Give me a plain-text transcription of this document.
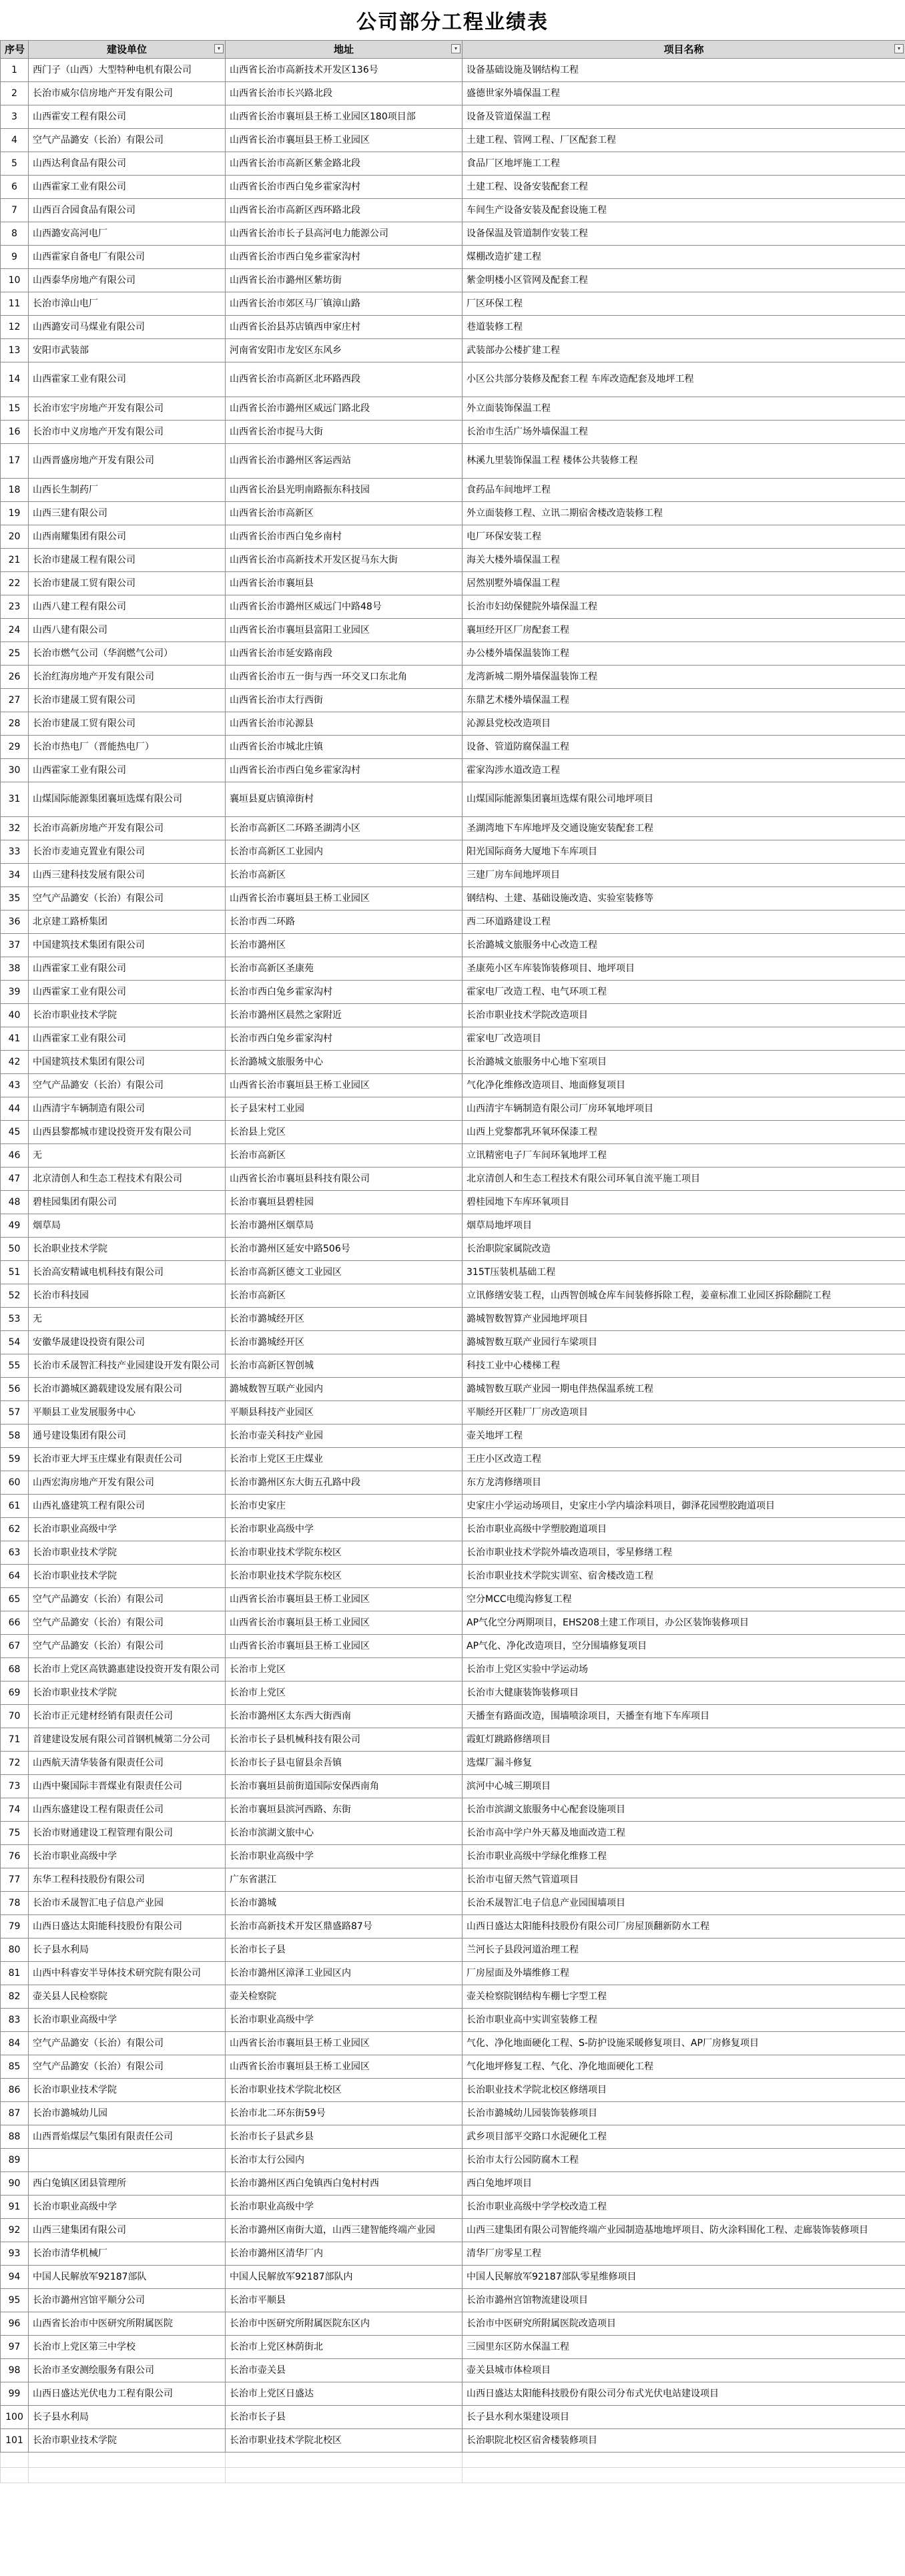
公司部分工程业绩表
序号	建设单位 ▾	地址 ▾	项目名称 ▾

1	西门子（山西）大型特种电机有限公司	山西省长治市高新技术开发区136号	设备基础设施及钢结构工程
2	长治市威尔信房地产开发有限公司	山西省长治市长兴路北段	盛德世家外墙保温工程
3	山西霍安工程有限公司	山西省长治市襄垣县王桥工业园区180项目部	设备及管道保温工程
4	空气产品潞安（长治）有限公司	山西省长治市襄垣县王桥工业园区	土建工程、管网工程、厂区配套工程
5	山西达利食品有限公司	山西省长治市高新区紫金路北段	食品厂区地坪施工工程
6	山西霍家工业有限公司	山西省长治市西白兔乡霍家沟村	土建工程、设备安装配套工程
7	山西百合园食品有限公司	山西省长治市高新区西环路北段	车间生产设备安装及配套设施工程
8	山西潞安高河电厂	山西省长治市长子县高河电力能源公司	设备保温及管道制作安装工程
9	山西霍家自备电厂有限公司	山西省长治市西白兔乡霍家沟村	煤棚改造扩建工程
10	山西泰华房地产有限公司	山西省长治市潞州区紫坊街	紫金明楼小区管网及配套工程
11	长治市漳山电厂	山西省长治市郊区马厂镇漳山路	厂区环保工程
12	山西潞安司马煤业有限公司	山西省长治县苏店镇西申家庄村	巷道装修工程
13	安阳市武装部	河南省安阳市龙安区东风乡	武装部办公楼扩建工程
14	山西霍家工业有限公司	山西省长治市高新区北环路西段	小区公共部分装修及配套工程 车库改造配套及地坪工程
15	长治市宏宇房地产开发有限公司	山西省长治市潞州区威远门路北段	外立面装饰保温工程
16	长治市中义房地产开发有限公司	山西省长治市捉马大街	长治市生活广场外墙保温工程
17	山西晋盛房地产开发有限公司	山西省长治市潞州区客运西站	林溪九里装饰保温工程 楼体公共装修工程
18	山西长生制药厂	山西省长治县光明南路振东科技园	食药品车间地坪工程
19	山西三建有限公司	山西省长治市高新区	外立面装修工程、立讯二期宿舍楼改造装修工程
20	山西南耀集团有限公司	山西省长治市西白兔乡南村	电厂环保安装工程
21	长治市建晟工程有限公司	山西省长治市高新技术开发区捉马东大街	海关大楼外墙保温工程
22	长治市建晟工贸有限公司	山西省长治市襄垣县	居然别墅外墙保温工程
23	山西八建工程有限公司	山西省长治市潞州区威远门中路48号	长治市妇幼保健院外墙保温工程
24	山西八建有限公司	山西省长治市襄垣县富阳工业园区	襄垣经开区厂房配套工程
25	长治市燃气公司（华润燃气公司）	山西省长治市延安路南段	办公楼外墙保温装饰工程
26	长治红海房地产开发有限公司	山西省长治市五一街与西一环交叉口东北角	龙湾新城二期外墙保温装饰工程
27	长治市建晟工贸有限公司	山西省长治市太行西街	东鼎艺术楼外墙保温工程
28	长治市建晟工贸有限公司	山西省长治市沁源县	沁源县党校改造项目
29	长治市热电厂（晋能热电厂）	山西省长治市城北庄镇	设备、管道防腐保温工程
30	山西霍家工业有限公司	山西省长治市西白兔乡霍家沟村	霍家沟涉水道改造工程
31	山煤国际能源集团襄垣选煤有限公司	襄垣县夏店镇漳街村	山煤国际能源集团襄垣选煤有限公司地坪项目
32	长治市高新房地产开发有限公司	长治市高新区二环路圣湖湾小区	圣湖湾地下车库地坪及交通设施安装配套工程
33	长治市麦迪克置业有限公司	长治市高新区工业园内	阳光国际商务大厦地下车库项目
34	山西三建科技发展有限公司	长治市高新区	三建厂房车间地坪项目
35	空气产品潞安（长治）有限公司	山西省长治市襄垣县王桥工业园区	钢结构、土建、基础设施改造、实验室装修等
36	北京建工路桥集团	长治市西二环路	西二环道路建设工程
37	中国建筑技术集团有限公司	长治市潞州区	长治潞城文旅服务中心改造工程
38	山西霍家工业有限公司	长治市高新区圣康苑	圣康苑小区车库装饰装修项目、地坪项目
39	山西霍家工业有限公司	长治市西白兔乡霍家沟村	霍家电厂改造工程、电气环项工程
40	长治市职业技术学院	长治市潞州区晨然之家附近	长治市职业技术学院改造项目
41	山西霍家工业有限公司	长治市西白兔乡霍家沟村	霍家电厂改造项目
42	中国建筑技术集团有限公司	长治潞城文旅服务中心	长治潞城文旅服务中心地下室项目
43	空气产品潞安（长治）有限公司	山西省长治市襄垣县王桥工业园区	气化净化维修改造项目、地面修复项目
44	山西清宇车辆制造有限公司	长子县宋村工业园	山西清宇车辆制造有限公司厂房环氧地坪项目
45	山西县黎都城市建设投资开发有限公司	长治县上党区	山西上党黎都乳环氧环保漆工程
46	无	长治市高新区	立讯精密电子厂车间环氧地坪工程
47	北京清创人和生态工程技术有限公司	山西省长治市襄垣县科技有限公司	北京清创人和生态工程技术有限公司环氧自流平施工项目
48	碧桂园集团有限公司	长治市襄垣县碧桂园	碧桂园地下车库环氧项目
49	烟草局	长治市潞州区烟草局	烟草局地坪项目
50	长治职业技术学院	长治市潞州区延安中路506号	长治职院家属院改造
51	长治高安精诚电机科技有限公司	长治市高新区德文工业园区	315T压装机基础工程
52	长治市科技园	长治市高新区	立讯修缮安装工程，山西智创城仓库车间装修拆除工程，姜童标准工业园区拆除翻院工程
53	无	长治市潞城经开区	潞城智数智算产业园地坪项目
54	安徽华晟建设投资有限公司	长治市潞城经开区	潞城智数互联产业园行车梁项目
55	长治市禾晟智汇科技产业园建设开发有限公司	长治市高新区智创城	科技工业中心楼梯工程
56	长治市潞城区潞载建设发展有限公司	潞城数智互联产业园内	潞城智数互联产业园一期电伴热保温系统工程
57	平顺县工业发展服务中心	平顺县科技产业园区	平顺经开区鞋厂厂房改造项目
58	通号建设集团有限公司	长治市壶关科技产业园	壶关地坪工程
59	长治市亚大坪玉庄煤业有限责任公司	长治市上党区王庄煤业	王庄小区改造工程
60	山西宏海房地产开发有限公司	长治市潞州区东大街五孔路中段	东方龙湾修缮项目
61	山西礼盛建筑工程有限公司	长治市史家庄	史家庄小学运动场项目，史家庄小学内墙涂料项目，御泽花园塑胶跑道项目
62	长治市职业高级中学	长治市职业高级中学	长治市职业高级中学塑胶跑道项目
63	长治市职业技术学院	长治市职业技术学院东校区	长治市职业技术学院外墙改造项目，零星修缮工程
64	长治市职业技术学院	长治市职业技术学院东校区	长治市职业技术学院实训室、宿舍楼改造工程
65	空气产品潞安（长治）有限公司	山西省长治市襄垣县王桥工业园区	空分MCC电缆沟修复工程
66	空气产品潞安（长治）有限公司	山西省长治市襄垣县王桥工业园区	AP气化空分两期项目，EHS208土建工作项目，办公区装饰装修项目
67	空气产品潞安（长治）有限公司	山西省长治市襄垣县王桥工业园区	AP气化、净化改造项目，空分围墙修复项目
68	长治市上党区高铁潞惠建设投资开发有限公司	长治市上党区	长治市上党区实验中学运动场
69	长治市职业技术学院	长治市上党区	长治市大健康装饰装修项目
70	长治市正元建材经销有限责任公司	长治市潞州区太东西大街西南	天播奎有路面改造，围墙喷涂项目，天播奎有地下车库项目
71	首建建设发展有限公司首钢机械第二分公司	长治市长子县机械科技有限公司	霞虹灯跳路修缮项目
72	山西航天清华装备有限责任公司	长治市长子县屯留县余吾镇	选煤厂漏斗修复
73	山西中聚国际丰晋煤业有限责任公司	长治市襄垣县前街道国际安保西南角	滨河中心城三期项目
74	山西东盛建设工程有限责任公司	长治市襄垣县滨河西路、东街	长治市滨湖文旅服务中心配套设施项目
75	长治市财通建设工程管理有限公司	长治市滨湖文旅中心	长治市高中学户外天幕及地面改造工程
76	长治市职业高级中学	长治市职业高级中学	长治市职业高级中学绿化维修工程
77	东华工程科技股份有限公司	广东省湛江	长治市屯留天然气管道项目
78	长治市禾晟智汇电子信息产业园	长治市潞城	长治禾晟智汇电子信息产业园围墙项目
79	山西日盛达太阳能科技股份有限公司	长治市高新技术开发区鼎盛路87号	山西日盛达太阳能科技股份有限公司厂房屋顶翻新防水工程
80	长子县水利局	长治市长子县	兰河长子县段河道治理工程
81	山西中科睿安半导体技术研究院有限公司	长治市潞州区漳泽工业园区内	厂房屋面及外墙维修工程
82	壶关县人民检察院	壶关检察院	壶关检察院钢结构车棚七字型工程
83	长治市职业高级中学	长治市职业高级中学	长治市职业高中实训室装修工程
84	空气产品潞安（长治）有限公司	山西省长治市襄垣县王桥工业园区	气化、净化地面硬化工程、S-防护设施采暖修复项目、AP厂房修复项目
85	空气产品潞安（长治）有限公司	山西省长治市襄垣县王桥工业园区	气化地坪修复工程、气化、净化地面硬化工程
86	长治市职业技术学院	长治市职业技术学院北校区	长治职业技术学院北校区修缮项目
87	长治市潞城幼儿园	长治市北二环东街59号	长治市潞城幼儿园装饰装修项目
88	山西晋焰煤层气集团有限责任公司	长治市长子县武乡县	武乡项目部平交路口水泥硬化工程
89		长治市太行公园内	长治市太行公园防腐木工程
90	西白兔镇区团县管理所	长治市潞州区西白兔镇西白兔村村西	西白兔地坪项目
91	长治市职业高级中学	长治市职业高级中学	长治市职业高级中学学校改造工程
92	山西三建集团有限公司	长治市潞州区南街大道，山西三建智能终端产业园	山西三建集团有限公司智能终端产业园制造基地地坪项目、防火涂料围化工程、走廊装饰装修项目
93	长治市清华机械厂	长治市潞州区清华厂内	清华厂房零星工程
94	中国人民解放军92187部队	中国人民解放军92187部队内	中国人民解放军92187部队零星维修项目
95	长治市潞州宫馆平顺分公司	长治市平顺县	长治市潞州宫馆物流建设项目
96	山西省长治市中医研究所附属医院	长治市中医研究所附属医院东区内	长治市中医研究所附属医院改造项目
97	长治市上党区第三中学校	长治市上党区林荫街北	三园里东区防水保温工程
98	长治市圣安测绘服务有限公司	长治市壶关县	壶关县城市体检项目
99	山西日盛达光伏电力工程有限公司	长治市上党区日盛达	山西日盛达太阳能科技股份有限公司分布式光伏电站建设项目
100	长子县水利局	长治市长子县	长子县水利水渠建设项目
101	长治市职业技术学院	长治市职业技术学院北校区	长治职院北校区宿舍楼装修项目
